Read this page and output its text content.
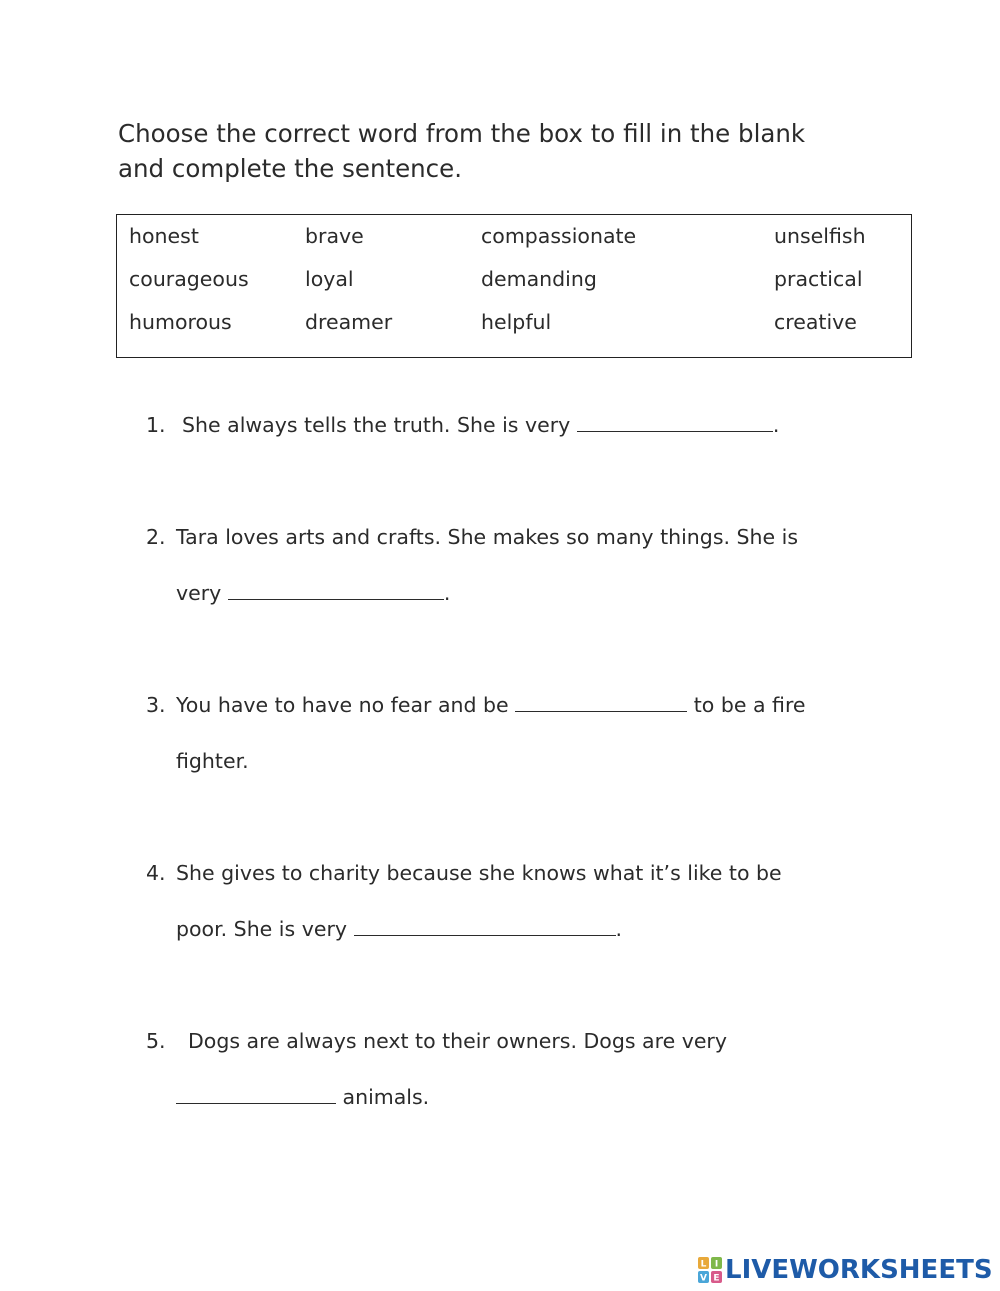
Choose the correct word from the box to fill in the blank
and complete the sentence.
honest	brave	compassionate	unselfish
courageous	loyal	demanding	practical
humorous	dreamer	helpful	creative
1. She always tells the truth. She is very	.
2. Tara loves arts and crafts. She makes so many things. She is
very	.
3. You have to have no fear and be	to be a fire
fighter.
4. She gives to charity because she knows what it’s like to be
poor. She is very	.
5. Dogs are always next to their owners. Dogs are very
animals.
L I
V E LIVEWORKSHEETS
